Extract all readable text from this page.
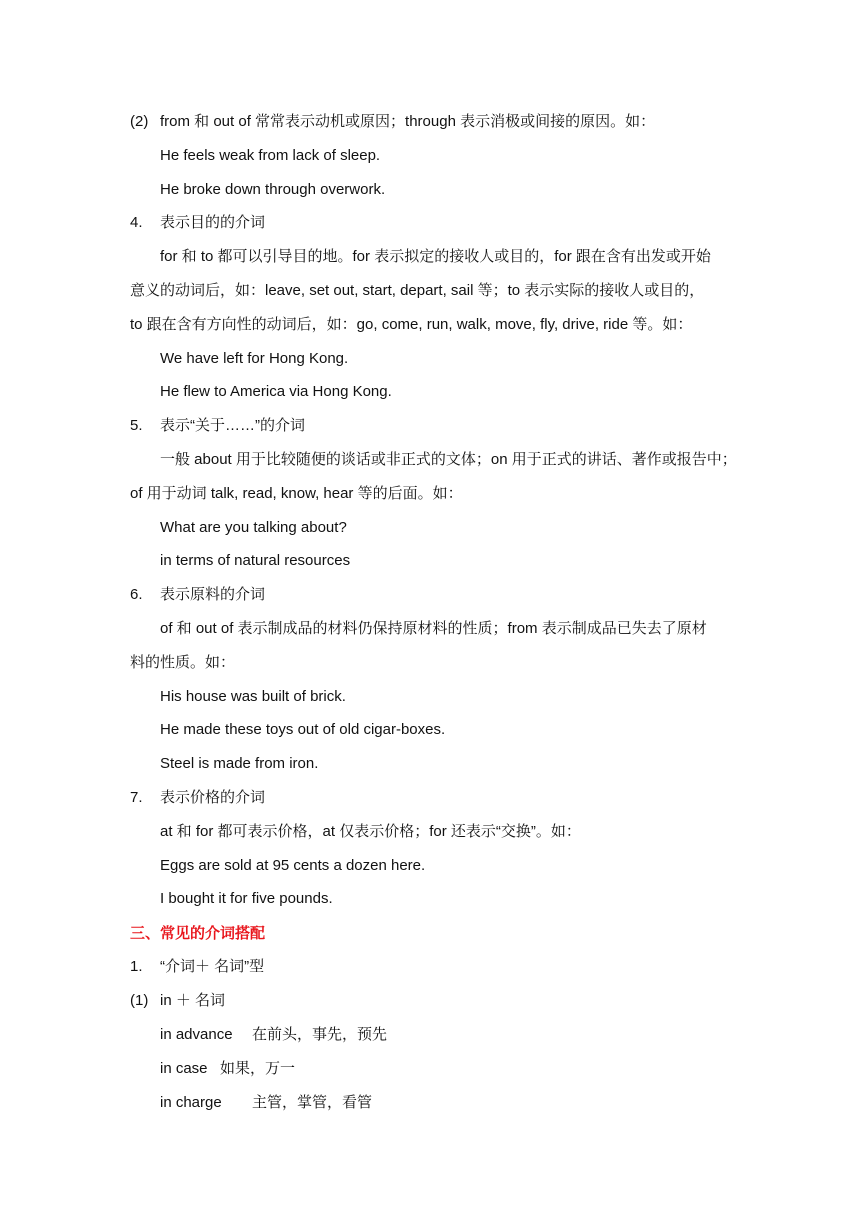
(2) from 和 out of 常常表示动机或原因；through 表示消极或间接的原因。如：
He feels weak from lack of sleep.
He broke down through overwork.
4. 表示目的的介词
for 和 to 都可以引导目的地。for 表示拟定的接收人或目的，for 跟在含有出发或开始
意义的动词后，如：leave, set out, start, depart, sail 等；to 表示实际的接收人或目的，
to 跟在含有方向性的动词后，如：go, come, run, walk, move, fly, drive, ride 等。如：
We have left for Hong Kong.
He flew to America via Hong Kong.
5. 表示“关于……”的介词
一般 about 用于比较随便的谈话或非正式的文体；on 用于正式的讲话、著作或报告中；
of 用于动词 talk, read, know, hear 等的后面。如：
What are you talking about?
in terms of natural resources
6. 表示原料的介词
of 和 out of 表示制成品的材料仍保持原材料的性质；from 表示制成品已失去了原材
料的性质。如：
His house was built of brick.
He made these toys out of old cigar-boxes.
Steel is made from iron.
7. 表示价格的介词
at 和 for 都可表示价格，at 仅表示价格；for 还表示“交换”。如：
Eggs are sold at 95 cents a dozen here.
I bought it for five pounds.
三、常见的介词搭配
1. “介词＋ 名词”型
(1) in ＋ 名词
in advance 在前头，事先，预先
in case 如果，万一
in charge 主管，掌管，看管
